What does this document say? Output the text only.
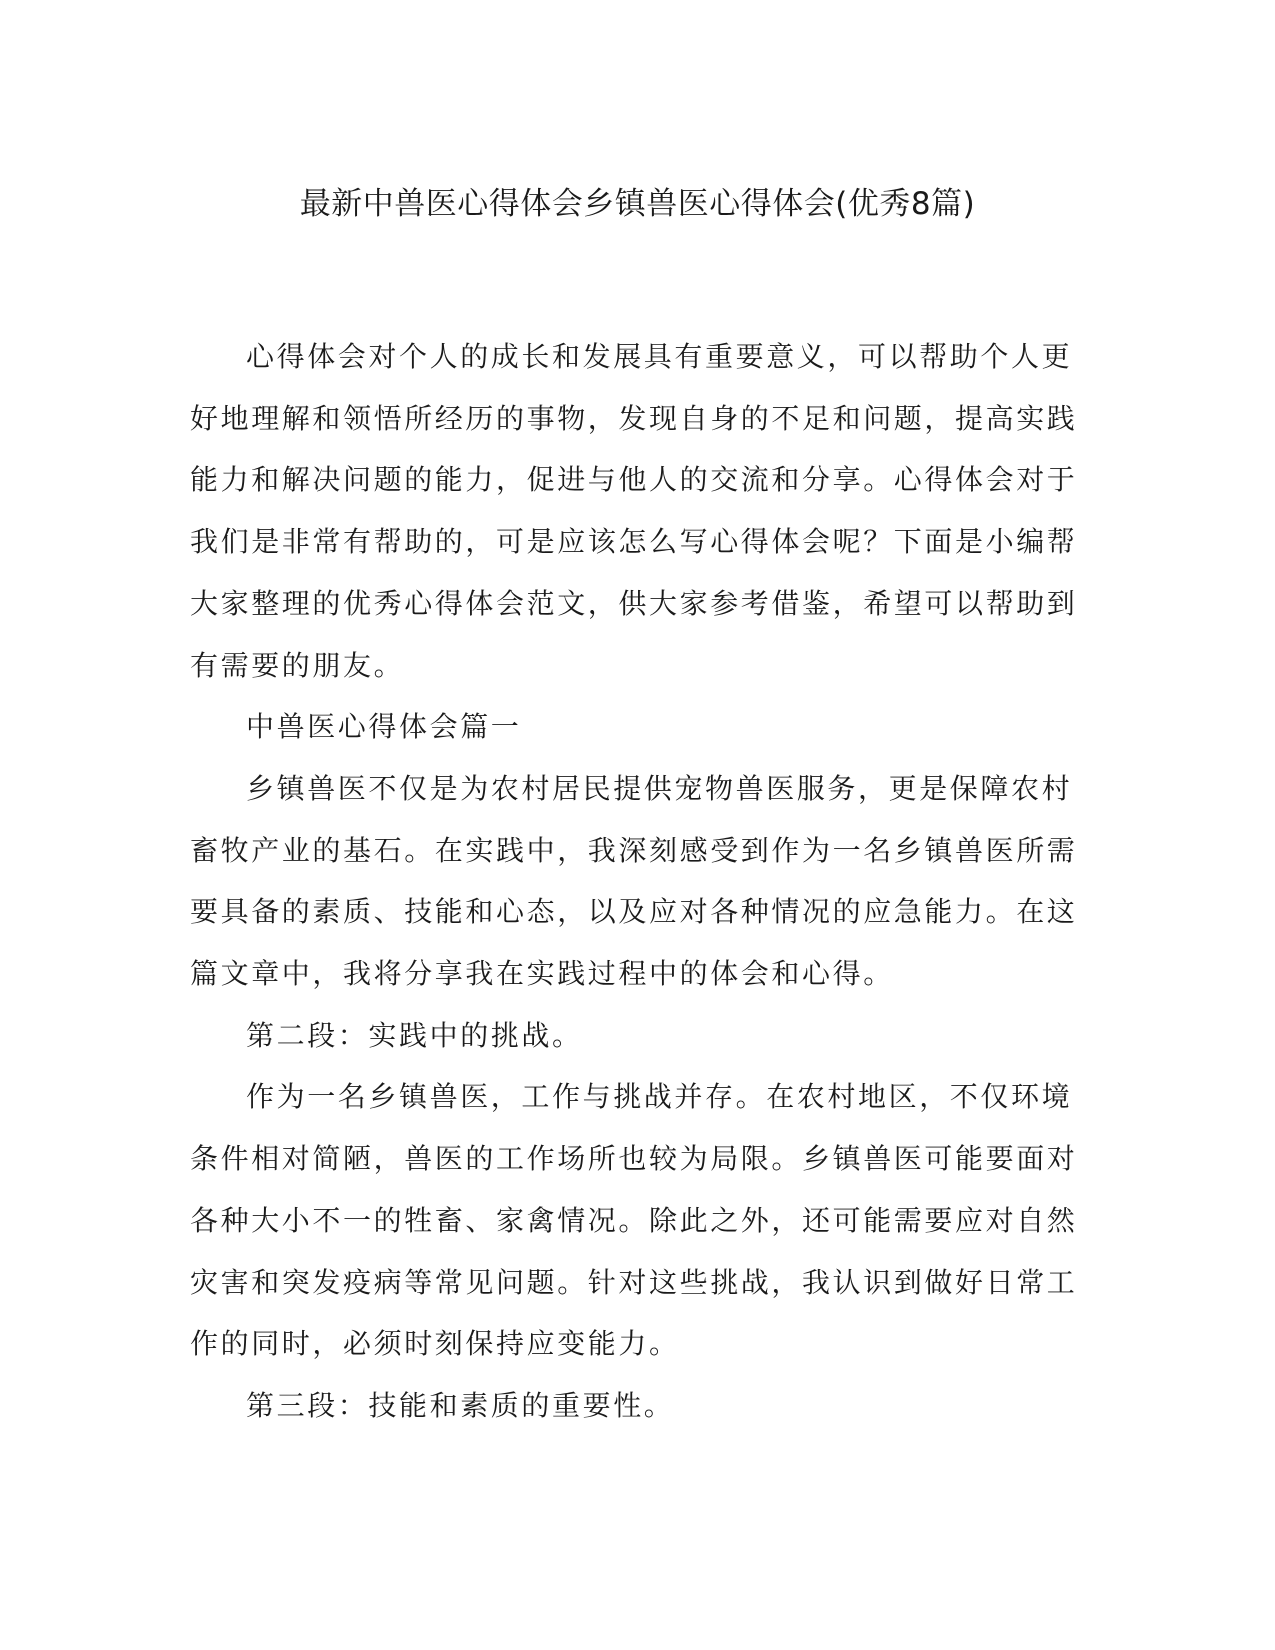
最新中兽医心得体会乡镇兽医心得体会(优秀8篇)

心得体会对个人的成长和发展具有重要意义，可以帮助个人更好地理解和领悟所经历的事物，发现自身的不足和问题，提高实践能力和解决问题的能力，促进与他人的交流和分享。心得体会对于我们是非常有帮助的，可是应该怎么写心得体会呢？下面是小编帮大家整理的优秀心得体会范文，供大家参考借鉴，希望可以帮助到有需要的朋友。

中兽医心得体会篇一

乡镇兽医不仅是为农村居民提供宠物兽医服务，更是保障农村畜牧产业的基石。在实践中，我深刻感受到作为一名乡镇兽医所需要具备的素质、技能和心态，以及应对各种情况的应急能力。在这篇文章中，我将分享我在实践过程中的体会和心得。

第二段：实践中的挑战。

作为一名乡镇兽医，工作与挑战并存。在农村地区，不仅环境条件相对简陋，兽医的工作场所也较为局限。乡镇兽医可能要面对各种大小不一的牲畜、家禽情况。除此之外，还可能需要应对自然灾害和突发疫病等常见问题。针对这些挑战，我认识到做好日常工作的同时，必须时刻保持应变能力。

第三段：技能和素质的重要性。
